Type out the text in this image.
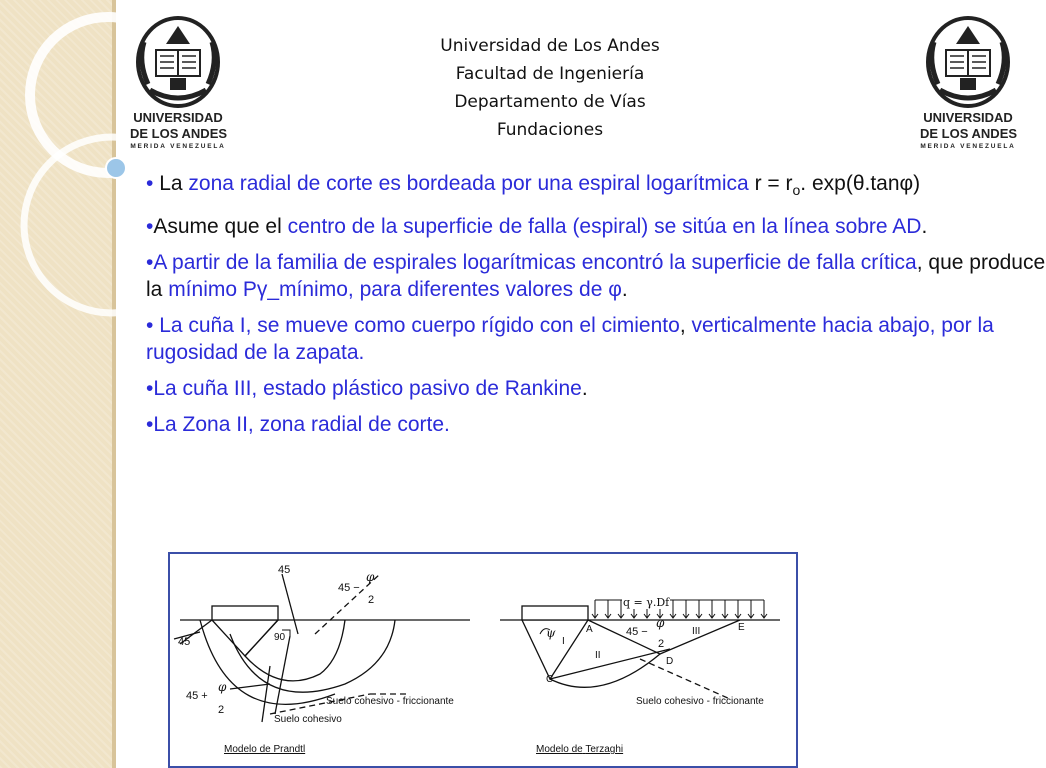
UNIVERSIDAD
DE LOS ANDES
MERIDA VENEZUELA
UNIVERSIDAD
DE LOS ANDES
MERIDA VENEZUELA
Universidad de Los Andes
Facultad de Ingeniería
Departamento de Vías
Fundaciones
• La zona radial de corte es bordeada por una espiral logarítmica $r = r_o$. exp(θ.tanφ)
•Asume que el centro de la superficie de falla (espiral) se sitúa en la línea sobre AD.
•A partir de la familia de espirales logarítmicas encontró la superficie de falla crítica, que produce la mínimo Pγ_mínimo, para diferentes valores de φ.
• La cuña I, se mueve como cuerpo rígido con el cimiento, verticalmente hacia abajo, por la rugosidad de la zapata.
•La cuña III, estado plástico pasivo de Rankine.
•La Zona II, zona radial de corte.
45
45	90
45 −
φ
2
45 +
φ
2
Suelo cohesivo - friccionante
Suelo cohesivo
Modelo de Prandtl
q = γ.Df
ψ
I
II
III
A
C
D
E
45 −
φ
2
Suelo cohesivo - friccionante
Modelo de Terzaghi
